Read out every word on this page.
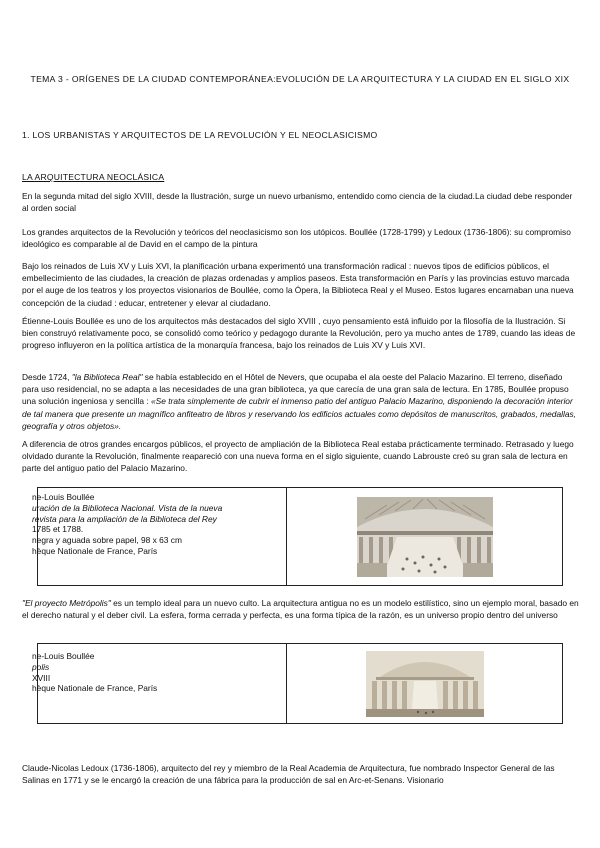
TEMA 3 - ORÍGENES DE LA CIUDAD CONTEMPORÁNEA:EVOLUCIÓN DE LA ARQUITECTURA Y LA CIUDAD EN EL SIGLO XIX
1. LOS URBANISTAS Y ARQUITECTOS DE LA REVOLUCIÓN Y EL NEOCLASICISMO
LA ARQUITECTURA NEOCLÁSICA

En la segunda mitad del siglo XVIII, desde la Ilustración, surge un nuevo urbanismo, entendido como ciencia de la ciudad.La ciudad debe responder al orden social

Los grandes arquitectos de la Revolución y teóricos del neoclasicismo son los utópicos. Boullée (1728-1799) y Ledoux (1736-1806): su compromiso ideológico es comparable al de David en el campo de la pintura

Bajo los reinados de Luis XV y Luis XVI, la planificación urbana experimentó una transformación radical : nuevos tipos de edificios públicos, el embellecimiento de las ciudades, la creación de plazas ordenadas y amplios paseos. Esta transformación en París y las provincias estuvo marcada por el auge de los teatros y los proyectos visionarios de Boullée, como la Ópera, la Biblioteca Real y el Museo. Estos lugares encarnaban una nueva concepción de la ciudad : educar, entretener y elevar al ciudadano.

Étienne-Louis Boullée es uno de los arquitectos más destacados del siglo XVIII , cuyo pensamiento está influido por la filosofía de la Ilustración. Si bien construyó relativamente poco, se consolidó como teórico y pedagogo durante la Revolución, pero ya mucho antes de 1789, cuando las ideas de progreso influyeron en la política artística de la monarquía francesa, bajo los reinados de Luis XV y Luis XVI.

Desde 1724, "la Biblioteca Real" se había establecido en el Hôtel de Nevers, que ocupaba el ala oeste del Palacio Mazarino. El terreno, diseñado para uso residencial, no se adapta a las necesidades de una gran biblioteca, ya que carecía de una gran sala de lectura. En 1785, Boullée propuso una solución ingeniosa y sencilla : «Se trata simplemente de cubrir el inmenso patio del antiguo Palacio Mazarino, disponiendo la decoración interior de tal manera que presente un magnífico anfiteatro de libros y reservando los edificios actuales como depósitos de manuscritos, grabados, medallas, geografía y otros objetos».

A diferencia de otros grandes encargos públicos, el proyecto de ampliación de la Biblioteca Real estaba prácticamente terminado. Retrasado y luego olvidado durante la Revolución, finalmente reapareció con una nueva forma en el siglo siguiente, cuando Labrouste creó su gran sala de lectura en parte del antiguo patio del Palacio Mazarino.

ne-Louis Boullée
uración de la Biblioteca Nacional. Vista de la nueva
revista para la ampliación de la Biblioteca del Rey
1785 et 1788.
negra y aguada sobre papel, 98 x 63 cm
hèque Nationale de France, París

"El proyecto Metrópolis" es un templo ideal para un nuevo culto. La arquitectura antigua no es un modelo estilístico, sino un ejemplo moral, basado en el derecho natural y el deber civil. La esfera, forma cerrada y perfecta, es una forma típica de la razón, es un universo propio dentro del universo

ne-Louis Boullée
polis
XVIII
hèque Nationale de France, París

Claude-Nicolas Ledoux (1736-1806), arquitecto del rey y miembro de la Real Academia de Arquitectura, fue nombrado Inspector General de las Salinas en 1771 y se le encargó la creación de una fábrica para la producción de sal en Arc-et-Senans. Visionario
